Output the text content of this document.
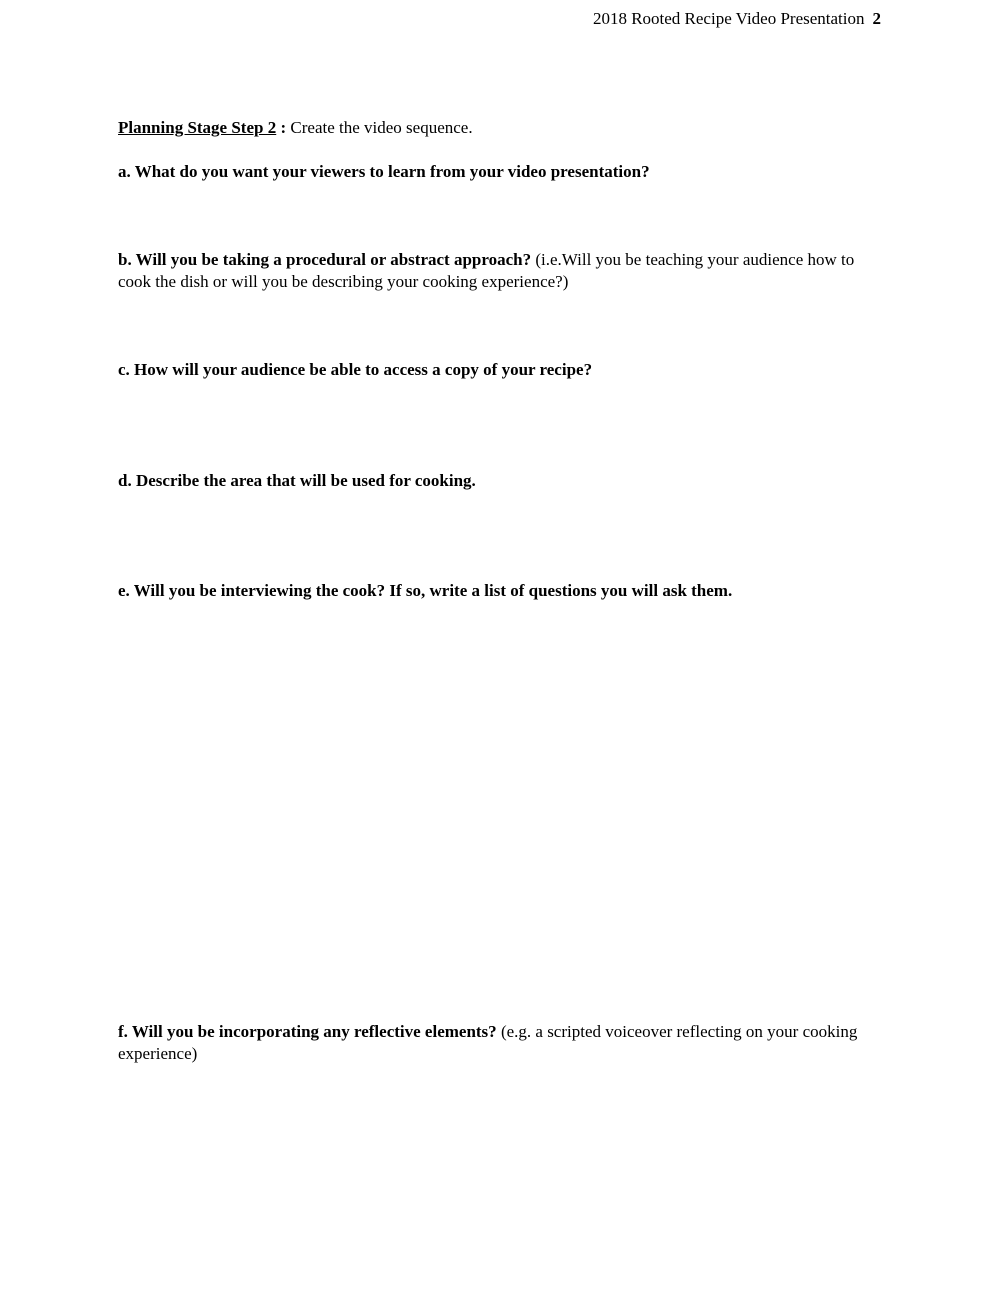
2018 Rooted Recipe Video Presentation 2
Planning Stage Step 2 : Create the video sequence.
a. What do you want your viewers to learn from your video presentation?
b. Will you be taking a procedural or abstract approach? (i.e.Will you be teaching your audience how to cook the dish or will you be describing your cooking experience?)
c. How will your audience be able to access a copy of your recipe?
d. Describe the area that will be used for cooking.
e. Will you be interviewing the cook? If so, write a list of questions you will ask them.
f. Will you be incorporating any reflective elements? (e.g. a scripted voiceover reflecting on your cooking experience)
